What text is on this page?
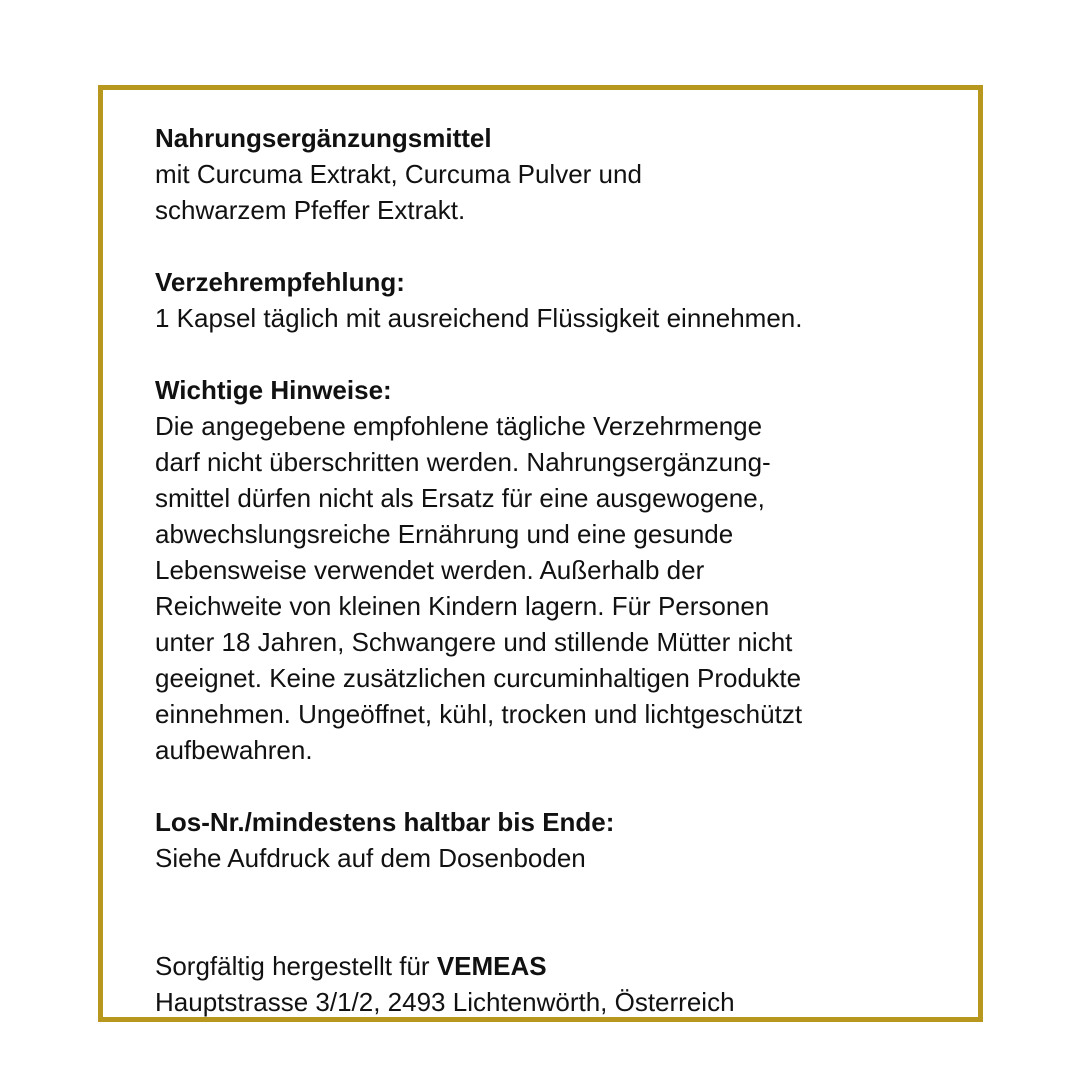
Nahrungsergänzungsmittel

mit Curcuma Extrakt, Curcuma Pulver und

schwarzem Pfeffer Extrakt.

Verzehrempfehlung:

1 Kapsel täglich mit ausreichend Flüssigkeit einnehmen.

Wichtige Hinweise:

Die angegebene empfohlene tägliche Verzehrmenge

darf nicht überschritten werden. Nahrungsergänzung-

smittel dürfen nicht als Ersatz für eine ausgewogene,

abwechslungsreiche Ernährung und eine gesunde

Lebensweise verwendet werden. Außerhalb der

Reichweite von kleinen Kindern lagern. Für Personen

unter 18 Jahren, Schwangere und stillende Mütter nicht

geeignet. Keine zusätzlichen curcuminhaltigen Produkte

einnehmen. Ungeöffnet, kühl, trocken und lichtgeschützt

aufbewahren.

Los-Nr./mindestens haltbar bis Ende:

Siehe Aufdruck auf dem Dosenboden

Sorgfältig hergestellt für VEMEAS

Hauptstrasse 3/1/2, 2493 Lichtenwörth, Österreich
